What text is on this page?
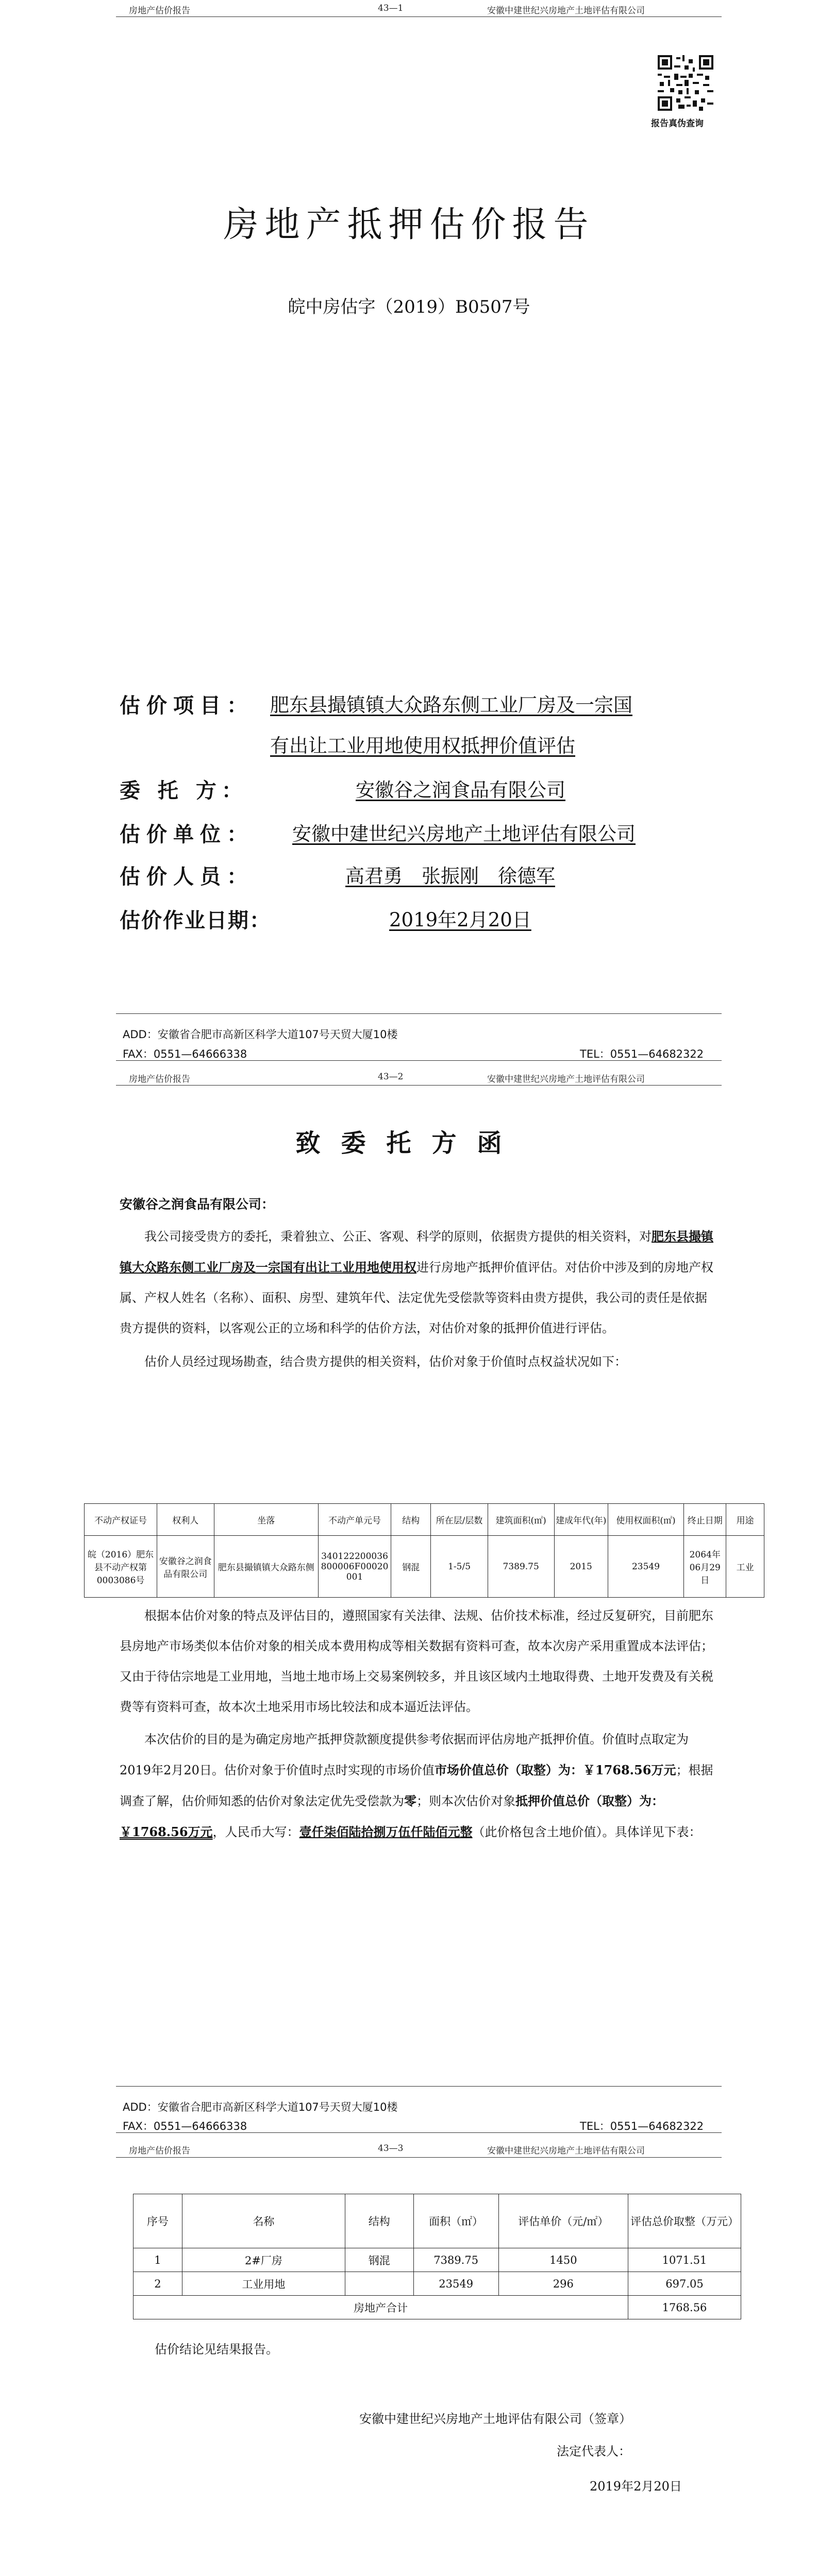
房地产估价报告	43—1	安徽中建世纪兴房地产土地评估有限公司
报告真伪查询
房地产抵押估价报告
皖中房估字（2019）B0507号
估价项目： 肥东县撮镇镇大众路东侧工业厂房及一宗国
有出让工业用地使用权抵押价值评估
委 托 方：	安徽谷之润食品有限公司
估价单位： 安徽中建世纪兴房地产土地评估有限公司
估价人员：	高君勇　张振刚　徐德军
估价作业日期：	2019年2月20日
ADD：安徽省合肥市高新区科学大道107号天贸大厦10楼
FAX：0551—64666338	TEL：0551—64682322
房地产估价报告	43—2	安徽中建世纪兴房地产土地评估有限公司
致委托方函
安徽谷之润食品有限公司：

我公司接受贵方的委托，秉着独立、公正、客观、科学的原则，依据贵方提供的相关资料，对肥东县撮镇镇大众路东侧工业厂房及一宗国有出让工业用地使用权进行房地产抵押价值评估。对估价中涉及到的房地产权属、产权人姓名（名称）、面积、房型、建筑年代、法定优先受偿款等资料由贵方提供，我公司的责任是依据贵方提供的资料，以客观公正的立场和科学的估价方法，对估价对象的抵押价值进行评估。

估价人员经过现场勘查，结合贵方提供的相关资料，估价对象于价值时点权益状况如下：

不动产权证号	权利人	坐落	不动产单元号	结构	所在层/层数	建筑面积(㎡)	建成年代(年)	使用权面积(㎡)	终止日期	用途
皖（2016）肥东县不动产权第0003086号	安徽谷之润食品有限公司	肥东县撮镇镇大众路东侧	340122200036800006F00020001	钢混	1-5/5	7389.75	2015	23549	2064年06月29日	工业

根据本估价对象的特点及评估目的，遵照国家有关法律、法规、估价技术标准，经过反复研究，目前肥东县房地产市场类似本估价对象的相关成本费用构成等相关数据有资料可查，故本次房产采用重置成本法评估；又由于待估宗地是工业用地，当地土地市场上交易案例较多，并且该区域内土地取得费、土地开发费及有关税费等有资料可查，故本次土地采用市场比较法和成本逼近法评估。

本次估价的目的是为确定房地产抵押贷款额度提供参考依据而评估房地产抵押价值。价值时点取定为2019年2月20日。估价对象于价值时点时实现的市场价值市场价值总价（取整）为：￥1768.56万元；根据调查了解，估价师知悉的估价对象法定优先受偿款为零；则本次估价对象抵押价值总价（取整）为：￥1768.56万元，人民币大写：壹仟柒佰陆拾捌万伍仟陆佰元整（此价格包含土地价值）。具体详见下表：

ADD：安徽省合肥市高新区科学大道107号天贸大厦10楼
FAX：0551—64666338	TEL：0551—64682322
房地产估价报告	43—3	安徽中建世纪兴房地产土地评估有限公司
序号	名称	结构	面积（㎡）	评估单价（元/㎡）	评估总价取整（万元）
1	2#厂房	钢混	7389.75	1450	1071.51
2	工业用地		23549	296	697.05
房地产合计					1768.56
估价结论见结果报告。
安徽中建世纪兴房地产土地评估有限公司（签章）
法定代表人：
2019年2月20日
